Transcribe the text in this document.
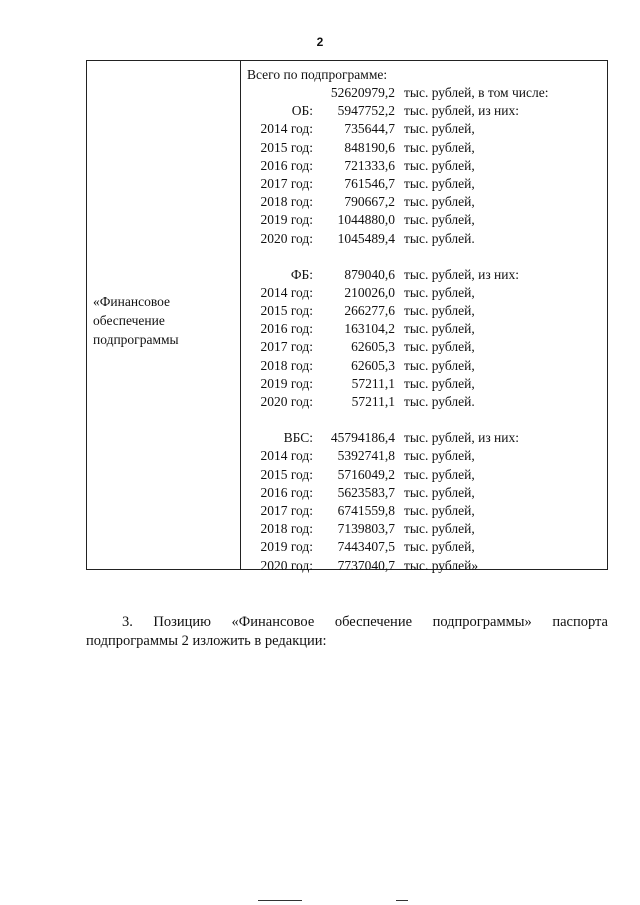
2
«Финансовое
обеспечение
подпрограммы
Всего по подпрограмме:
52620979,2 тыс. рублей, в том числе:
ОБ:	5947752,2 тыс. рублей, из них:
2014 год:	735644,7 тыс. рублей,
2015 год:	848190,6 тыс. рублей,
2016 год:	721333,6 тыс. рублей,
2017 год:	761546,7 тыс. рублей,
2018 год:	790667,2 тыс. рублей,
2019 год:	1044880,0 тыс. рублей,
2020 год:	1045489,4 тыс. рублей.
ФБ:	879040,6 тыс. рублей, из них:
2014 год:	210026,0 тыс. рублей,
2015 год:	266277,6 тыс. рублей,
2016 год:	163104,2 тыс. рублей,
2017 год:	62605,3 тыс. рублей,
2018 год:	62605,3 тыс. рублей,
2019 год:	57211,1 тыс. рублей,
2020 год:	57211,1 тыс. рублей.
ВБС:	45794186,4 тыс. рублей, из них:
2014 год:	5392741,8 тыс. рублей,
2015 год:	5716049,2 тыс. рублей,
2016 год:	5623583,7 тыс. рублей,
2017 год:	6741559,8 тыс. рублей,
2018 год:	7139803,7 тыс. рублей,
2019 год:	7443407,5 тыс. рублей,
2020 год:	7737040,7 тыс. рублей»

3. Позицию «Финансовое обеспечение подпрограммы» паспорта подпрограммы 2 изложить в редакции:
